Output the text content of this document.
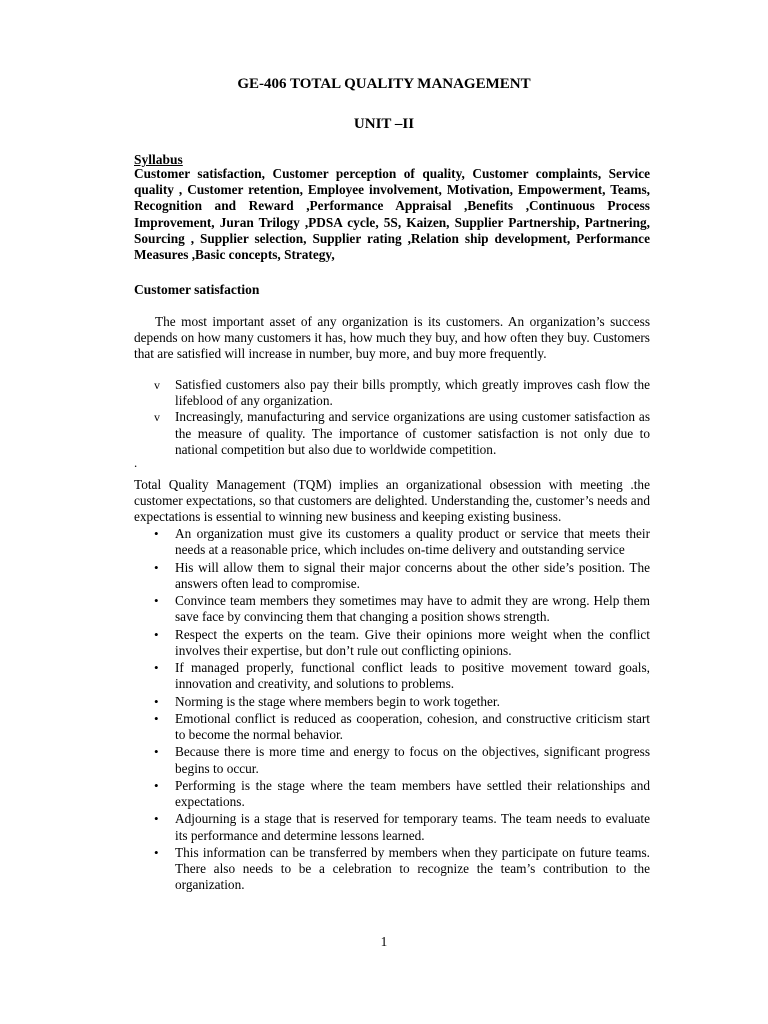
GE-406 TOTAL QUALITY MANAGEMENT
UNIT –II
Syllabus
Customer satisfaction, Customer perception of quality, Customer complaints, Service quality , Customer retention, Employee involvement, Motivation, Empowerment, Teams, Recognition and Reward ,Performance Appraisal ,Benefits ,Continuous Process Improvement, Juran Trilogy ,PDSA cycle, 5S, Kaizen, Supplier Partnership, Partnering, Sourcing , Supplier selection, Supplier rating ,Relation ship development, Performance Measures ,Basic concepts, Strategy,
Customer satisfaction
The most important asset of any organization is its customers. An organization’s success depends on how many customers it has, how much they buy, and how often they buy. Customers that are satisfied will increase in number, buy more, and buy more frequently.
v Satisfied customers also pay their bills promptly, which greatly improves cash flow the lifeblood of any organization.
v Increasingly, manufacturing and service organizations are using customer satisfaction as the measure of quality. The importance of customer satisfaction is not only due to national competition but also due to worldwide competition.
.
Total Quality Management (TQM) implies an organizational obsession with meeting .the customer expectations, so that customers are delighted. Understanding the, customer’s needs and expectations is essential to winning new business and keeping existing business.
• An organization must give its customers a quality product or service that meets their needs at a reasonable price, which includes on-time delivery and outstanding service
• His will allow them to signal their major concerns about the other side’s position. The answers often lead to compromise.
• Convince team members they sometimes may have to admit they are wrong. Help them save face by convincing them that changing a position shows strength.
• Respect the experts on the team. Give their opinions more weight when the conflict involves their expertise, but don’t rule out conflicting opinions.
• If managed properly, functional conflict leads to positive movement toward goals, innovation and creativity, and solutions to problems.
• Norming is the stage where members begin to work together.
• Emotional conflict is reduced as cooperation, cohesion, and constructive criticism start to become the normal behavior.
• Because there is more time and energy to focus on the objectives, significant progress begins to occur.
• Performing is the stage where the team members have settled their relationships and expectations.
• Adjourning is a stage that is reserved for temporary teams. The team needs to evaluate its performance and determine lessons learned.
• This information can be transferred by members when they participate on future teams. There also needs to be a celebration to recognize the team’s contribution to the organization.
1
